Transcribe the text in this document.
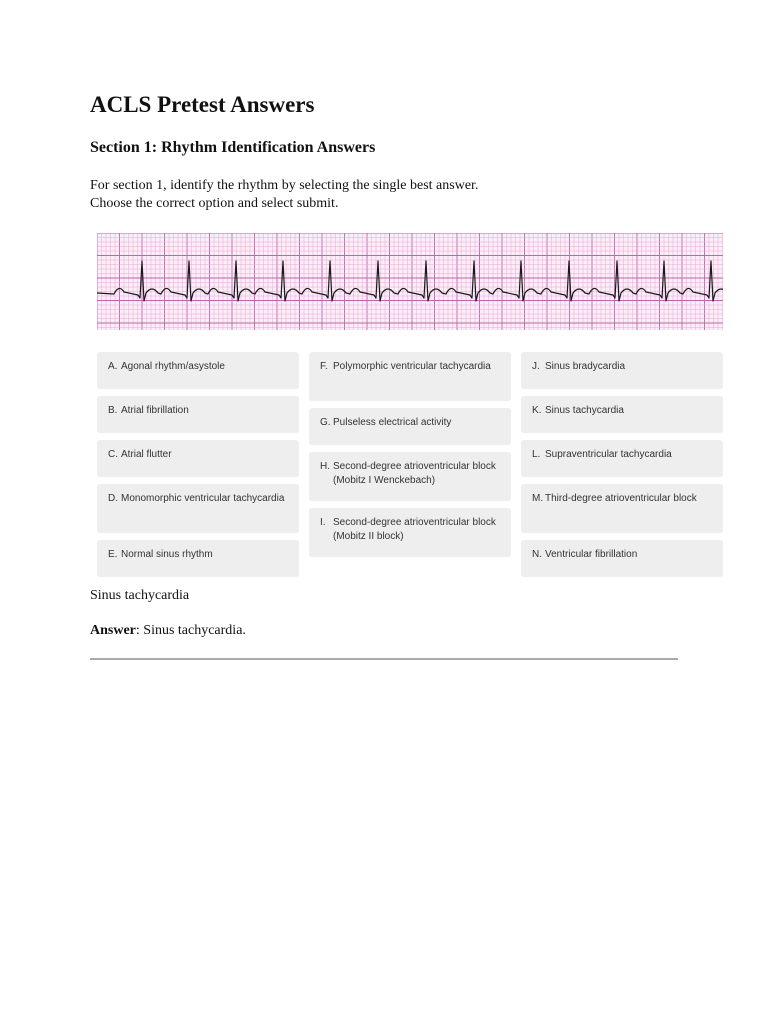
ACLS Pretest Answers
Section 1: Rhythm Identification Answers

For section 1, identify the rhythm by selecting the single best answer.
Choose the correct option and select submit.

A. Agonal rhythm/asystole
B. Atrial fibrillation
C. Atrial flutter
D. Monomorphic ventricular tachycardia
E. Normal sinus rhythm
F. Polymorphic ventricular tachycardia
G. Pulseless electrical activity
H. Second-degree atrioventricular block (Mobitz I Wenckebach)
I. Second-degree atrioventricular block (Mobitz II block)
J. Sinus bradycardia
K. Sinus tachycardia
L. Supraventricular tachycardia
M. Third-degree atrioventricular block
N. Ventricular fibrillation

Sinus tachycardia

Answer: Sinus tachycardia.
